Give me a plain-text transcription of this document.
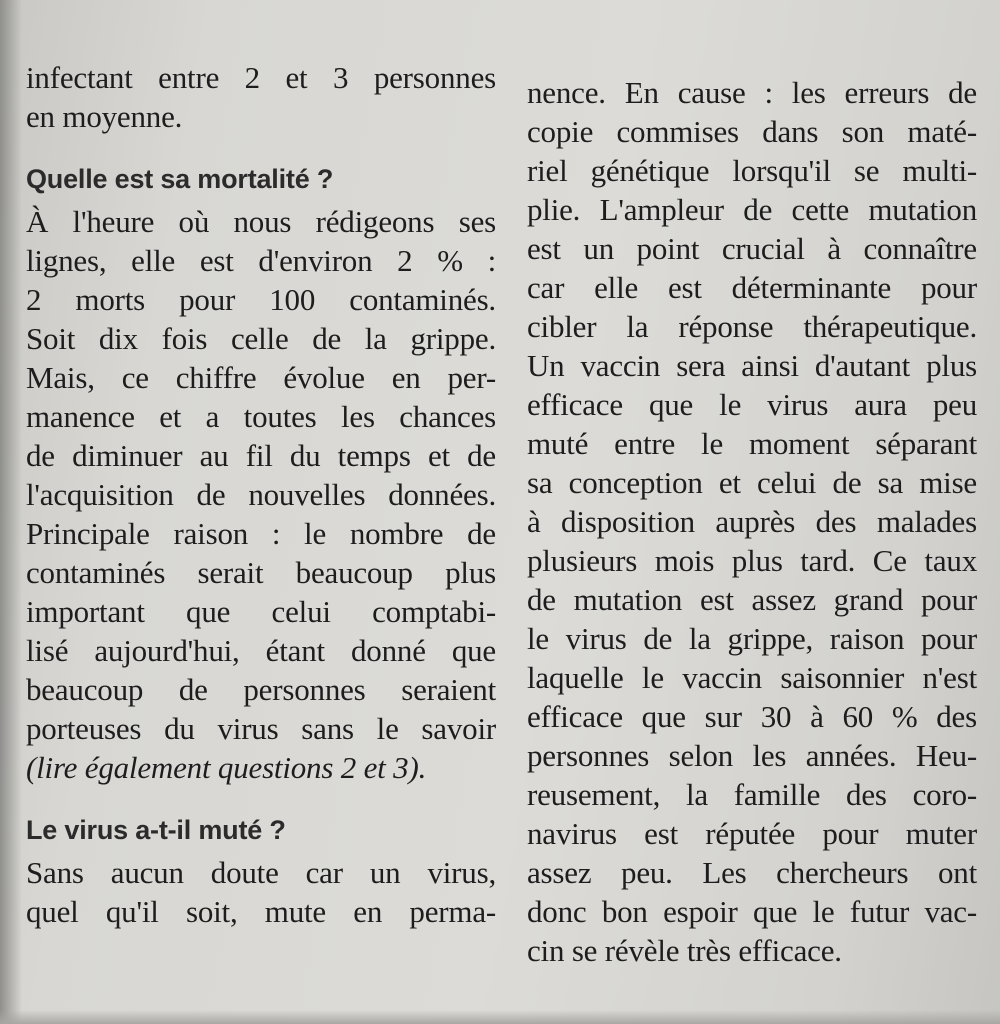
infectant entre 2 et 3 personnes
en moyenne.
Quelle est sa mortalité ?
À l'heure où nous rédigeons ses
lignes, elle est d'environ 2 % :
2 morts pour 100 contaminés.
Soit dix fois celle de la grippe.
Mais, ce chiffre évolue en per-
manence et a toutes les chances
de diminuer au fil du temps et de
l'acquisition de nouvelles données.
Principale raison : le nombre de
contaminés serait beaucoup plus
important que celui comptabi-
lisé aujourd'hui, étant donné que
beaucoup de personnes seraient
porteuses du virus sans le savoir
(lire également questions 2 et 3).
Le virus a-t-il muté ?
Sans aucun doute car un virus,
quel qu'il soit, mute en perma-
nence. En cause : les erreurs de
copie commises dans son maté-
riel génétique lorsqu'il se multi-
plie. L'ampleur de cette mutation
est un point crucial à connaître
car elle est déterminante pour
cibler la réponse thérapeutique.
Un vaccin sera ainsi d'autant plus
efficace que le virus aura peu
muté entre le moment séparant
sa conception et celui de sa mise
à disposition auprès des malades
plusieurs mois plus tard. Ce taux
de mutation est assez grand pour
le virus de la grippe, raison pour
laquelle le vaccin saisonnier n'est
efficace que sur 30 à 60 % des
personnes selon les années. Heu-
reusement, la famille des coro-
navirus est réputée pour muter
assez peu. Les chercheurs ont
donc bon espoir que le futur vac-
cin se révèle très efficace.
